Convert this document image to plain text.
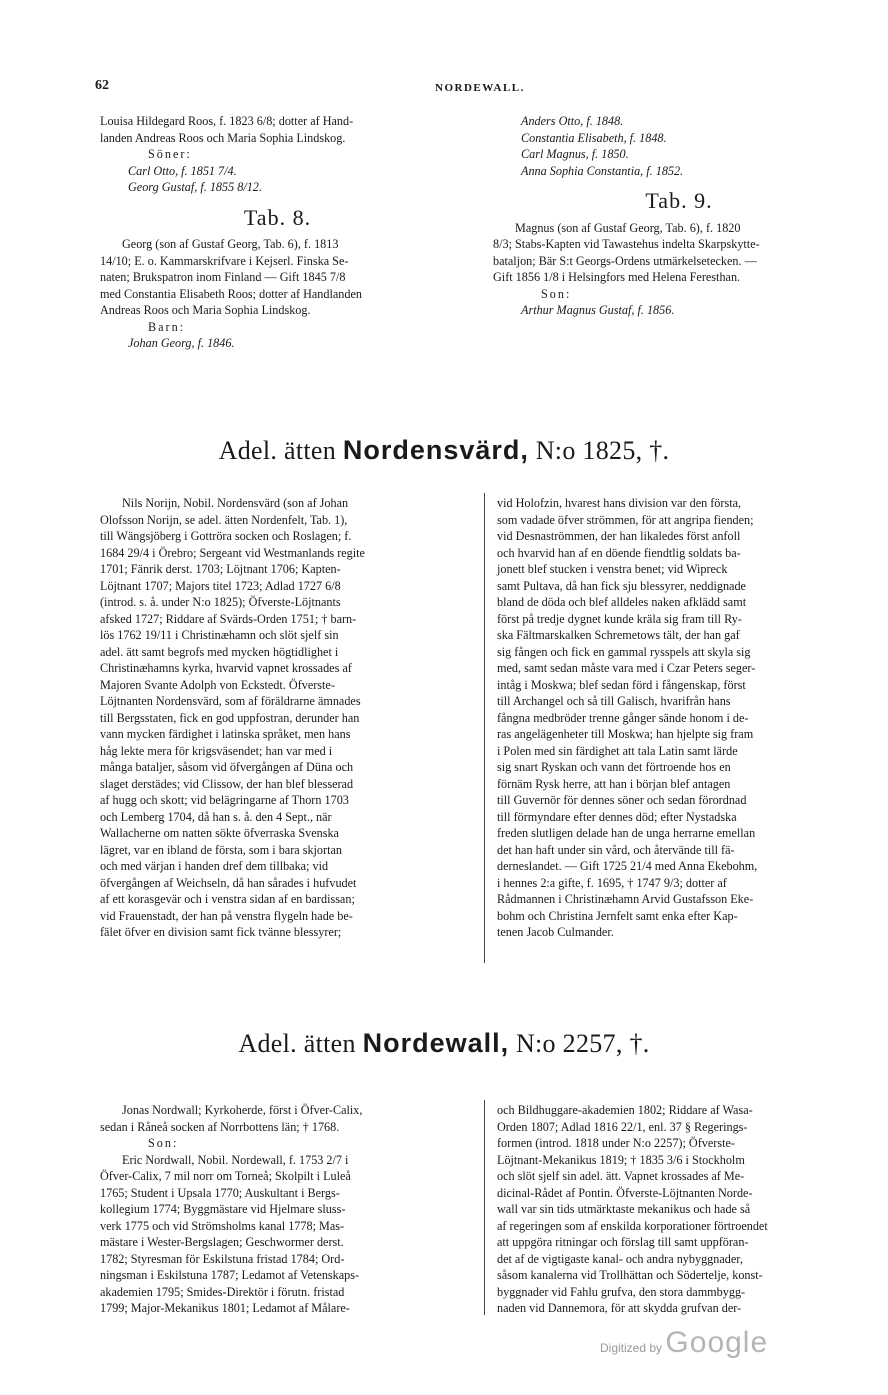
62	NORDEWALL.

Louisa Hildegard Roos, f. 1823 6/8; dotter af Hand-
landen Andreas Roos och Maria Sophia Lindskog.

Söner:
Carl Otto, f. 1851 7/4.
Georg Gustaf, f. 1855 8/12.
Tab. 8.

Georg (son af Gustaf Georg, Tab. 6), f. 1813
14/10; E. o. Kammarskrifvare i Kejserl. Finska Se-
naten; Brukspatron inom Finland — Gift 1845 7/8
med Constantia Elisabeth Roos; dotter af Handlanden
Andreas Roos och Maria Sophia Lindskog.

Barn:
Johan Georg, f. 1846.
Anders Otto, f. 1848.
Constantia Elisabeth, f. 1848.
Carl Magnus, f. 1850.
Anna Sophia Constantia, f. 1852.
Tab. 9.

Magnus (son af Gustaf Georg, Tab. 6), f. 1820
8/3; Stabs-Kapten vid Tawastehus indelta Skarpskytte-
bataljon; Bär S:t Georgs-Ordens utmärkelsetecken. —
Gift 1856 1/8 i Helsingfors med Helena Feresthan.

Son:
Arthur Magnus Gustaf, f. 1856.
Adel. ätten Nordensvärd, N:o 1825, †.
Nils Norijn, Nobil. Nordensvärd (son af Johan
Olofsson Norijn, se adel. ätten Nordenfelt, Tab. 1),
till Wängsjöberg i Gottröra socken och Roslagen; f.
1684 29/4 i Örebro; Sergeant vid Westmanlands regite
1701; Fänrik derst. 1703; Löjtnant 1706; Kapten-
Löjtnant 1707; Majors titel 1723; Adlad 1727 6/8
(introd. s. å. under N:o 1825); Öfverste-Löjtnants
afsked 1727; Riddare af Svärds-Orden 1751; † barn-
lös 1762 19/11 i Christinæhamn och slöt sjelf sin
adel. ätt samt begrofs med mycken högtidlighet i
Christinæhamns kyrka, hvarvid vapnet krossades af
Majoren Svante Adolph von Eckstedt. Öfverste-
Löjtnanten Nordensvärd, som af föräldrarne ämnades
till Bergsstaten, fick en god uppfostran, derunder han
vann mycken färdighet i latinska språket, men hans
håg lekte mera för krigsväsendet; han var med i
många bataljer, såsom vid öfvergången af Düna och
slaget derstädes; vid Clissow, der han blef blesserad
af hugg och skott; vid belägringarne af Thorn 1703
och Lemberg 1704, då han s. å. den 4 Sept., när
Wallacherne om natten sökte öfverraska Svenska
lägret, var en ibland de första, som i bara skjortan
och med värjan i handen dref dem tillbaka; vid
öfvergången af Weichseln, då han sårades i hufvudet
af ett korasgevär och i venstra sidan af en bardissan;
vid Frauenstadt, der han på venstra flygeln hade be-
fälet öfver en division samt fick tvänne blessyrer;
vid Holofzin, hvarest hans division var den första,
som vadade öfver strömmen, för att angripa fienden;
vid Desnaströmmen, der han likaledes först anfoll
och hvarvid han af en döende fiendtlig soldats ba-
jonett blef stucken i venstra benet; vid Wipreck
samt Pultava, då han fick sju blessyrer, neddignade
bland de döda och blef alldeles naken afklädd samt
först på tredje dygnet kunde kräla sig fram till Ry-
ska Fältmarskalken Schremetows tält, der han gaf
sig fången och fick en gammal rysspels att skyla sig
med, samt sedan måste vara med i Czar Peters seger-
intåg i Moskwa; blef sedan förd i fångenskap, först
till Archangel och så till Galisch, hvarifrån hans
fångna medbröder trenne gånger sände honom i de-
ras angelägenheter till Moskwa; han hjelpte sig fram
i Polen med sin färdighet att tala Latin samt lärde
sig snart Ryskan och vann det förtroende hos en
förnäm Rysk herre, att han i början blef antagen
till Guvernör för dennes söner och sedan förordnad
till förmyndare efter dennes död; efter Nystadska
freden slutligen delade han de unga herrarne emellan
det han haft under sin vård, och återvände till fä-
derneslandet. — Gift 1725 21/4 med Anna Ekebohm,
i hennes 2:a gifte, f. 1695, † 1747 9/3; dotter af
Rådmannen i Christinæhamn Arvid Gustafsson Eke-
bohm och Christina Jernfelt samt enka efter Kap-
tenen Jacob Culmander.
Adel. ätten Nordewall, N:o 2257, †.

Jonas Nordwall; Kyrkoherde, först i Öfver-Calix,
sedan i Råneå socken af Norrbottens län; † 1768.

Son:
Eric Nordwall, Nobil. Nordewall, f. 1753 2/7 i
Öfver-Calix, 7 mil norr om Torneå; Skolpilt i Luleå
1765; Student i Upsala 1770; Auskultant i Bergs-
kollegium 1774; Byggmästare vid Hjelmare sluss-
verk 1775 och vid Strömsholms kanal 1778; Mas-
mästare i Wester-Bergslagen; Geschwormer derst.
1782; Styresman för Eskilstuna fristad 1784; Ord-
ningsman i Eskilstuna 1787; Ledamot af Vetenskaps-
akademien 1795; Smides-Direktör i förutn. fristad
1799; Major-Mekanikus 1801; Ledamot af Målare-
och Bildhuggare-akademien 1802; Riddare af Wasa-
Orden 1807; Adlad 1816 22/1, enl. 37 § Regerings-
formen (introd. 1818 under N:o 2257); Öfverste-
Löjtnant-Mekanikus 1819; † 1835 3/6 i Stockholm
och slöt sjelf sin adel. ätt. Vapnet krossades af Me-
dicinal-Rådet af Pontin. Öfverste-Löjtnanten Norde-
wall var sin tids utmärktaste mekanikus och hade så
af regeringen som af enskilda korporationer förtroendet
att uppgöra ritningar och förslag till samt uppföran-
det af de vigtigaste kanal- och andra nybyggnader,
såsom kanalerna vid Trollhättan och Södertelje, konst-
byggnader vid Fahlu grufva, den stora dammbygg-
naden vid Dannemora, för att skydda grufvan der-
Digitized by Google
